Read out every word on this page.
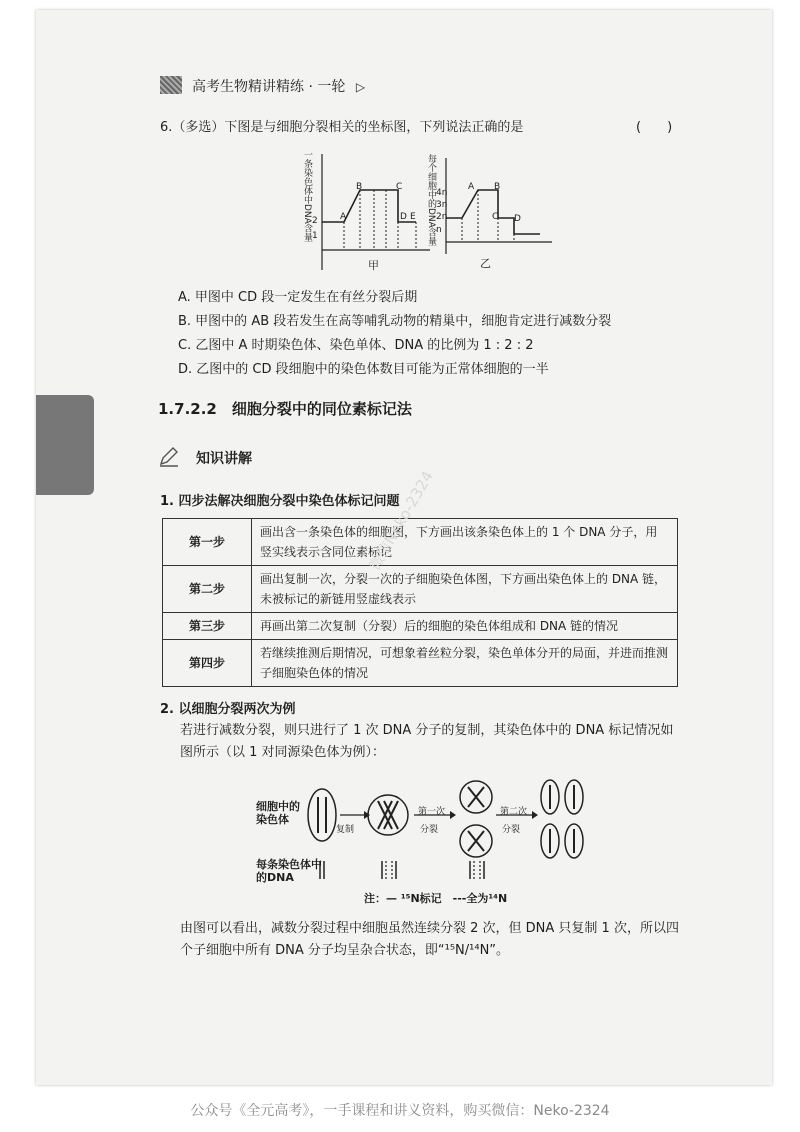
高考生物精讲精练 · 一轮 ▷
6.（多选）下图是与细胞分裂相关的坐标图，下列说法正确的是	(　　)
一条染色体中DNA含量 2
1
A
B	C
D E
甲
每个细胞中的DNA含量 4n
3n
2n
n
A B
C D
乙
A. 甲图中 CD 段一定发生在有丝分裂后期
B. 甲图中的 AB 段若发生在高等哺乳动物的精巢中，细胞肯定进行减数分裂
C. 乙图中 A 时期染色体、染色单体、DNA 的比例为 1 : 2 : 2
D. 乙图中的 CD 段细胞中的染色体数目可能为正常体细胞的一半
1.7.2.2　细胞分裂中的同位素标记法
知识讲解
1. 四步法解决细胞分裂中染色体标记问题
第一步	画出含一条染色体的细胞图，下方画出该条染色体上的 1 个 DNA 分子，用竖实线表示含同位素标记
第二步	画出复制一次，分裂一次的子细胞染色体图，下方画出染色体上的 DNA 链，未被标记的新链用竖虚线表示
第三步	再画出第二次复制（分裂）后的细胞的染色体组成和 DNA 链的情况
第四步	若继续推测后期情况，可想象着丝粒分裂，染色单体分开的局面，并进而推测子细胞染色体的情况
2. 以细胞分裂两次为例
若进行减数分裂，则只进行了 1 次 DNA 分子的复制，其染色体中的 DNA 标记情况如图所示（以 1 对同源染色体为例）：
细胞中的染色体
每条染色体中的DNA
复制
第一次
分裂
第二次
分裂
注：— ¹⁵N标记　---全为¹⁴N
由图可以看出，减数分裂过程中细胞虽然连续分裂 2 次，但 DNA 只复制 1 次，所以四个子细胞中所有 DNA 分子均呈杂合状态，即“¹⁵N/¹⁴N”。
微信Neko-2324
公众号《全元高考》，一手课程和讲义资料，购买微信：Neko-2324
